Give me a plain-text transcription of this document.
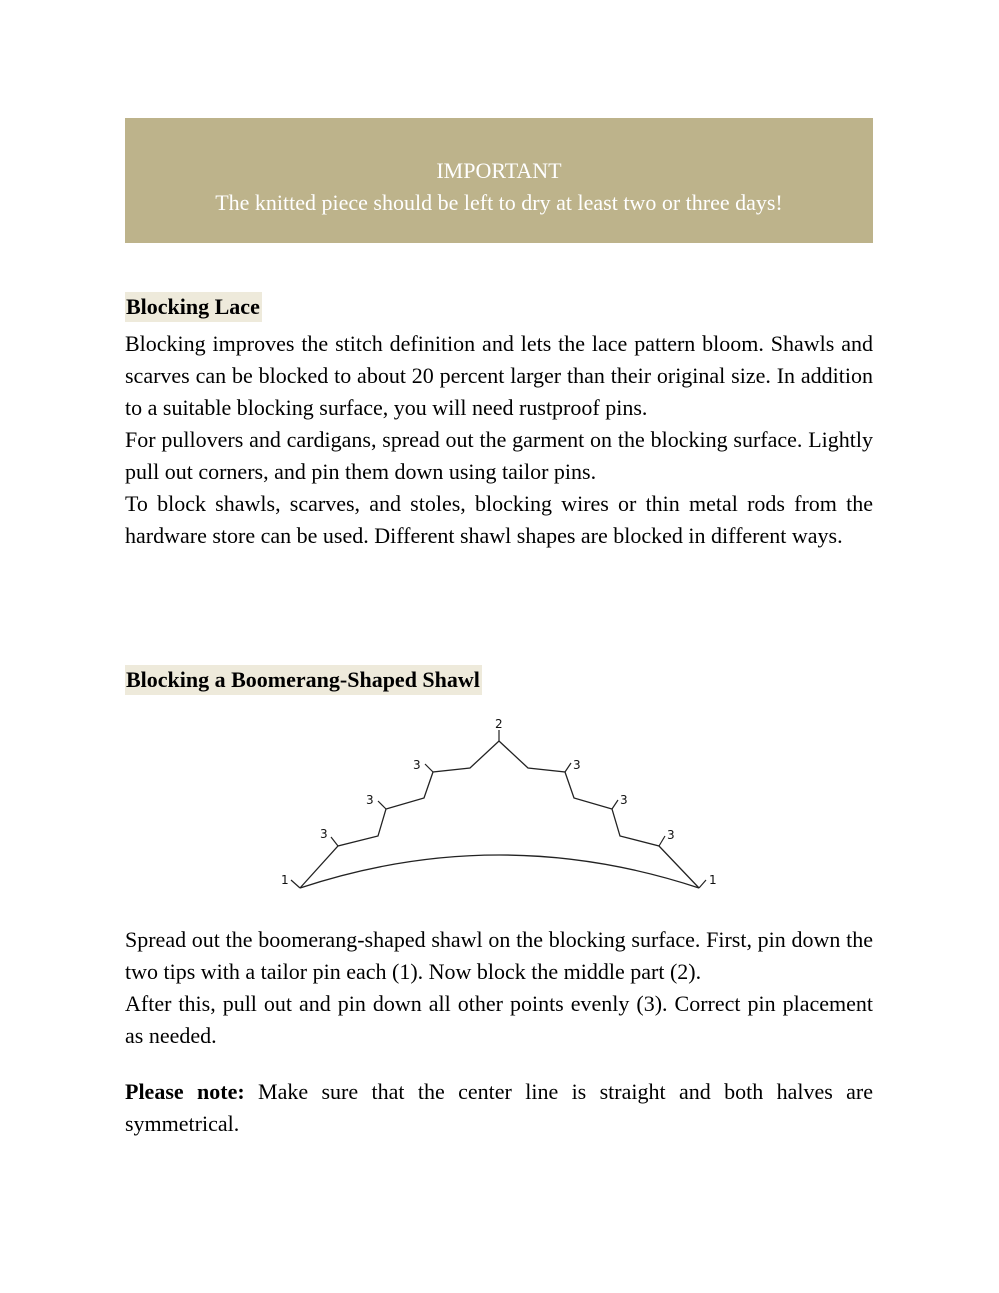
IMPORTANT
The knitted piece should be left to dry at least two or three days!
Blocking Lace

Blocking improves the stitch definition and lets the lace pattern bloom. Shawls and scarves can be blocked to about 20 percent larger than their original size. In addition to a suitable blocking surface, you will need rustproof pins.

For pullovers and cardigans, spread out the garment on the blocking surface. Lightly pull out corners, and pin them down using tailor pins.

To block shawls, scarves, and stoles, blocking wires or thin metal rods from the hardware store can be used. Different shawl shapes are blocked in different ways.

Blocking a Boomerang-Shaped Shawl
1	1
2
3
3
3	3
3
3

Spread out the boomerang-shaped shawl on the blocking surface. First, pin down the two tips with a tailor pin each (1). Now block the middle part (2).

After this, pull out and pin down all other points evenly (3). Correct pin placement as needed.

Please note: Make sure that the center line is straight and both halves are symmetrical.
